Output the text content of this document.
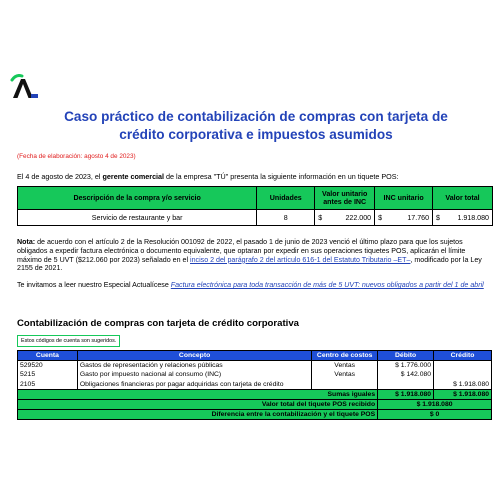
Caso práctico de contabilización de compras con tarjeta de crédito corporativa e impuestos asumidos
(Fecha de elaboración: agosto 4 de 2023)
El 4 de agosto de 2023, el gerente comercial de la empresa "TÚ" presenta la siguiente información en un tiquete POS:
Descripción de la compra y/o servicio	Unidades	Valor unitario antes de INC	INC unitario	Valor total
Servicio de restaurante y bar	8	$ 222.000	$ 17.760	$ 1.918.080
Nota: de acuerdo con el artículo 2 de la Resolución 001092 de 2022, el pasado 1 de junio de 2023 venció el último plazo para que los sujetos obligados a expedir factura electrónica o documento equivalente, que optaran por expedir en sus operaciones tiquetes POS, aplicarán el límite máximo de 5 UVT ($212.060 por 2023) señalado en el inciso 2 del parágrafo 2 del artículo 616-1 del Estatuto Tributario –ET–, modificado por la Ley 2155 de 2021.
Te invitamos a leer nuestro Especial Actualícese Factura electrónica para toda transacción de más de 5 UVT: nuevos obligados a partir del 1 de abril
Contabilización de compras con tarjeta de crédito corporativa
Estos códigos de cuenta son sugeridos.
Cuenta	Concepto	Centro de costos	Débito	Crédito
529520	Gastos de representación y relaciones públicas	Ventas	$ 1.776.000	
5215	Gasto por impuesto nacional al consumo (INC)	Ventas	$ 142.080	
2105	Obligaciones financieras por pagar adquiridas con tarjeta de crédito			$ 1.918.080
Sumas iguales			$ 1.918.080	$ 1.918.080
Valor total del tiquete POS recibido			$ 1.918.080	
Diferencia entre la contabilización y el tiquete POS			$ 0	
